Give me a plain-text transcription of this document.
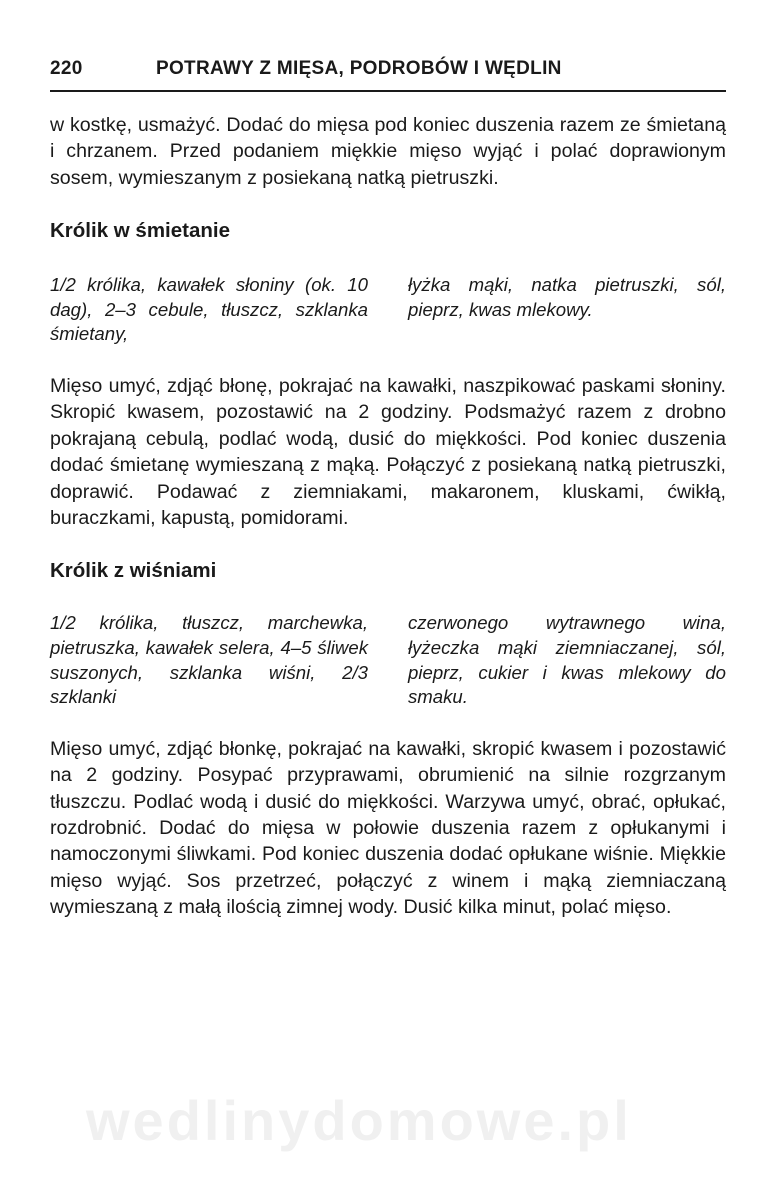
wedlinydomowe.pl
220	POTRAWY Z MIĘSA, PODROBÓW I WĘDLIN

w kostkę, usmażyć. Dodać do mięsa pod koniec duszenia razem ze śmietaną i chrzanem. Przed podaniem miękkie mięso wyjąć i polać doprawionym sosem, wymieszanym z posiekaną natką pietruszki.

Królik w śmietanie

1/2 królika, kawałek słoniny (ok. 10 dag), 2–3 cebule, tłuszcz, szklanka śmietany,

łyżka mąki, natka pietruszki, sól, pieprz, kwas mlekowy.

Mięso umyć, zdjąć błonę, pokrajać na kawałki, naszpikować paskami słoniny. Skropić kwasem, pozostawić na 2 godziny. Podsmażyć razem z drobno pokrajaną cebulą, podlać wodą, dusić do miękkości. Pod koniec duszenia dodać śmietanę wymieszaną z mąką. Połączyć z posiekaną natką pietruszki, doprawić. Podawać z ziemniakami, makaronem, kluskami, ćwikłą, buraczkami, kapustą, pomidorami.

Królik z wiśniami

1/2 królika, tłuszcz, marchewka, pietruszka, kawałek selera, 4–5 śliwek suszonych, szklanka wiśni, 2/3 szklanki

czerwonego wytrawnego wina, łyżeczka mąki ziemniaczanej, sól, pieprz, cukier i kwas mlekowy do smaku.

Mięso umyć, zdjąć błonkę, pokrajać na kawałki, skropić kwasem i pozostawić na 2 godziny. Posypać przyprawami, obrumienić na silnie rozgrzanym tłuszczu. Podlać wodą i dusić do miękkości. Warzywa umyć, obrać, opłukać, rozdrobnić. Dodać do mięsa w połowie duszenia razem z opłukanymi i namoczonymi śliwkami. Pod koniec duszenia dodać opłukane wiśnie. Miękkie mięso wyjąć. Sos przetrzeć, połączyć z winem i mąką ziemniaczaną wymieszaną z małą ilością zimnej wody. Dusić kilka minut, polać mięso.
